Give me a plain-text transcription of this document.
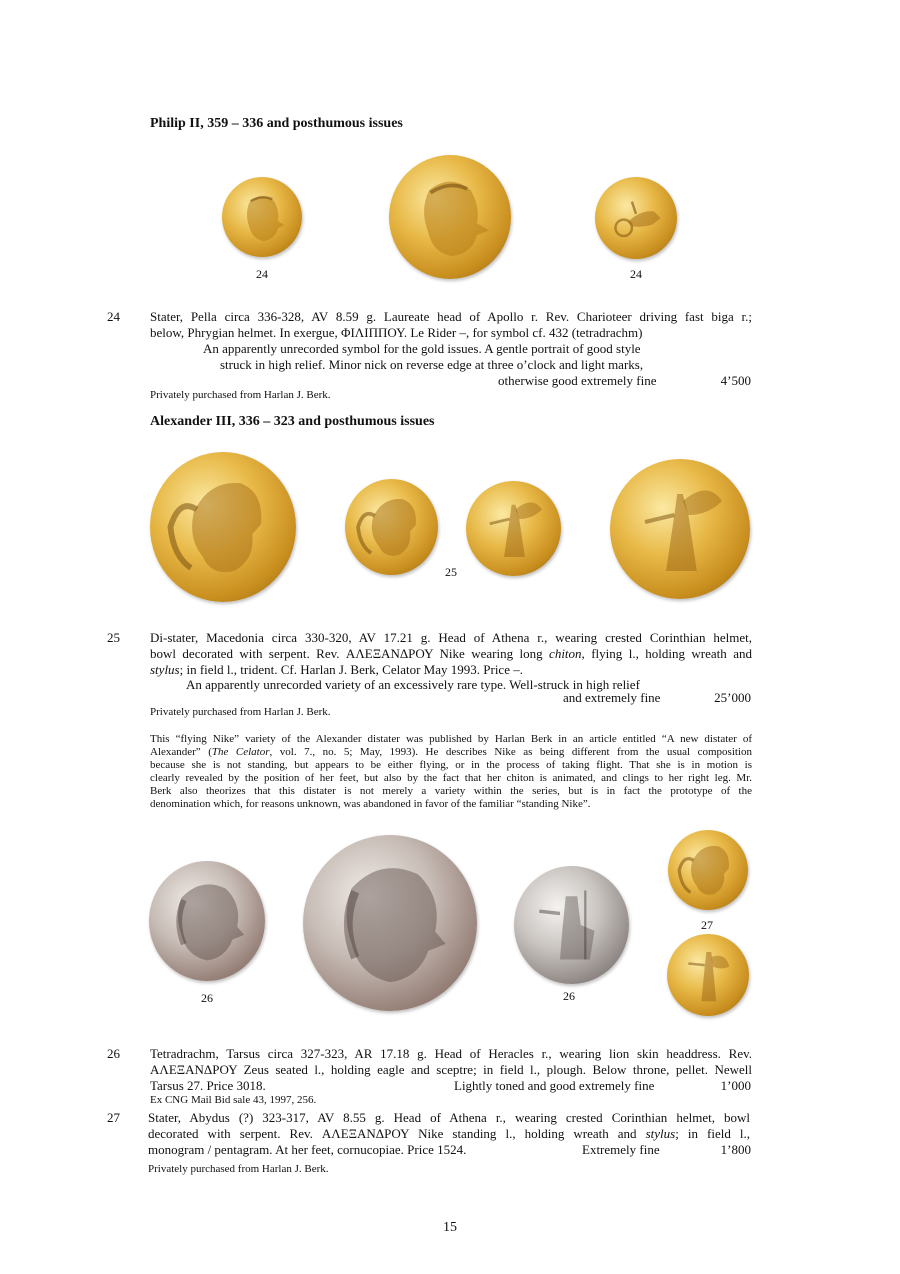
Philip II, 359 – 336 and posthumous issues
24	24
24 Stater, Pella circa 336-328, AV 8.59 g. Laureate head of Apollo r. Rev. Charioteer driving fast biga r.;
below, Phrygian helmet. In exergue, ΦΙΛΙΠΠΟΥ. Le Rider –, for symbol cf. 432 (tetradrachm)
An apparently unrecorded symbol for the gold issues. A gentle portrait of good style
struck in high relief. Minor nick on reverse edge at three o’clock and light marks,
otherwise good extremely fine	4’500
Privately purchased from Harlan J. Berk.
Alexander III, 336 – 323 and posthumous issues
25
25 Di-stater, Macedonia circa 330-320, AV 17.21 g. Head of Athena r., wearing crested Corinthian helmet,
bowl decorated with serpent. Rev. ΑΛΕΞΑΝΔΡΟΥ Nike wearing long chiton, flying l., holding wreath and
stylus; in field l., trident. Cf. Harlan J. Berk, Celator May 1993. Price –.
An apparently unrecorded variety of an excessively rare type. Well-struck in high relief
and extremely fine	25’000
Privately purchased from Harlan J. Berk.
This “flying Nike” variety of the Alexander distater was published by Harlan Berk in an article entitled “A new distater of
Alexander” (The Celator, vol. 7., no. 5; May, 1993). He describes Nike as being different from the usual composition
because she is not standing, but appears to be either flying, or in the process of taking flight. That she is in motion is
clearly revealed by the position of her feet, but also by the fact that her chiton is animated, and clings to her right leg. Mr.
Berk also theorizes that this distater is not merely a variety within the series, but is in fact the prototype of the
denomination which, for reasons unknown, was abandoned in favor of the familiar “standing Nike”.
27
26	26
26 Tetradrachm, Tarsus circa 327-323, AR 17.18 g. Head of Heracles r., wearing lion skin headdress. Rev.
ΑΛΕΞΑΝΔΡΟΥ Zeus seated l., holding eagle and sceptre; in field l., plough. Below throne, pellet. Newell
Tarsus 27. Price 3018.	Lightly toned and good extremely fine	1’000
Ex CNG Mail Bid sale 43, 1997, 256.
27 Stater, Abydus (?) 323-317, AV 8.55 g. Head of Athena r., wearing crested Corinthian helmet, bowl
decorated with serpent. Rev. ΑΛΕΞΑΝΔΡΟΥ Nike standing l., holding wreath and stylus; in field l.,
monogram / pentagram. At her feet, cornucopiae. Price 1524.	Extremely fine	1’800
Privately purchased from Harlan J. Berk.
15
